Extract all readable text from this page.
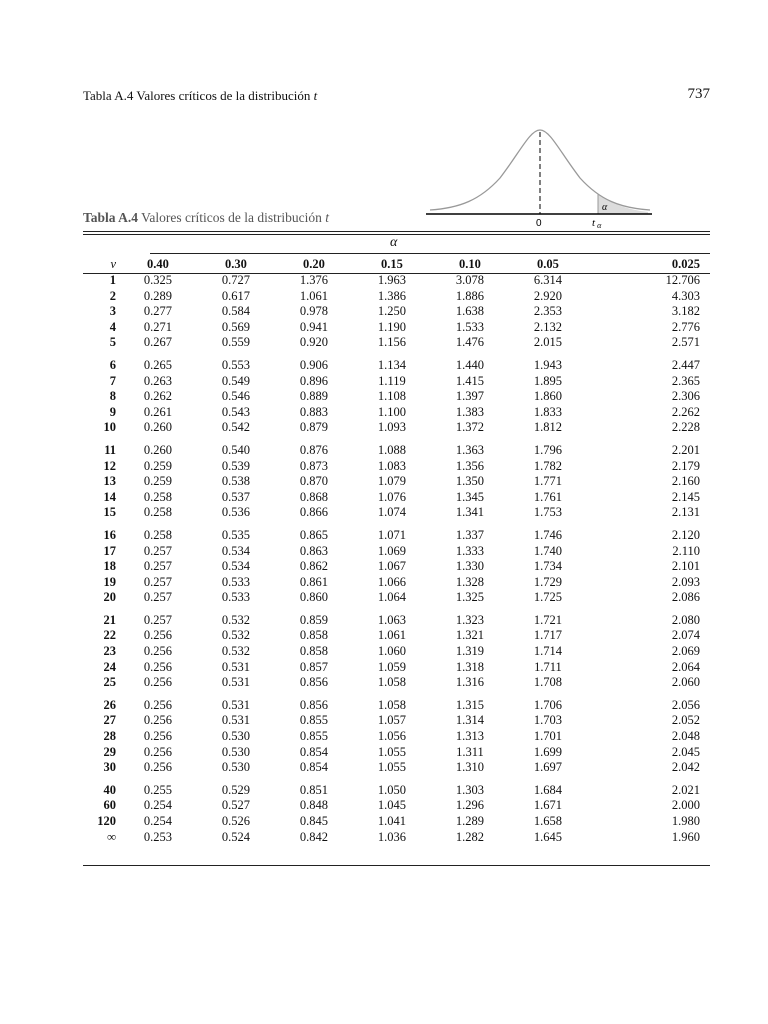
Tabla A.4 Valores críticos de la distribución t	737
α
0	t α
Tabla A.4 Valores críticos de la distribución t
α
v	0.40	0.30	0.20	0.15	0.10	0.05	0.025
1	0.325	0.727	1.376	1.963	3.078	6.314	12.706
2	0.289	0.617	1.061	1.386	1.886	2.920	4.303
3	0.277	0.584	0.978	1.250	1.638	2.353	3.182
4	0.271	0.569	0.941	1.190	1.533	2.132	2.776
5	0.267	0.559	0.920	1.156	1.476	2.015	2.571
6	0.265	0.553	0.906	1.134	1.440	1.943	2.447
7	0.263	0.549	0.896	1.119	1.415	1.895	2.365
8	0.262	0.546	0.889	1.108	1.397	1.860	2.306
9	0.261	0.543	0.883	1.100	1.383	1.833	2.262
10	0.260	0.542	0.879	1.093	1.372	1.812	2.228
11	0.260	0.540	0.876	1.088	1.363	1.796	2.201
12	0.259	0.539	0.873	1.083	1.356	1.782	2.179
13	0.259	0.538	0.870	1.079	1.350	1.771	2.160
14	0.258	0.537	0.868	1.076	1.345	1.761	2.145
15	0.258	0.536	0.866	1.074	1.341	1.753	2.131
16	0.258	0.535	0.865	1.071	1.337	1.746	2.120
17	0.257	0.534	0.863	1.069	1.333	1.740	2.110
18	0.257	0.534	0.862	1.067	1.330	1.734	2.101
19	0.257	0.533	0.861	1.066	1.328	1.729	2.093
20	0.257	0.533	0.860	1.064	1.325	1.725	2.086
21	0.257	0.532	0.859	1.063	1.323	1.721	2.080
22	0.256	0.532	0.858	1.061	1.321	1.717	2.074
23	0.256	0.532	0.858	1.060	1.319	1.714	2.069
24	0.256	0.531	0.857	1.059	1.318	1.711	2.064
25	0.256	0.531	0.856	1.058	1.316	1.708	2.060
26	0.256	0.531	0.856	1.058	1.315	1.706	2.056
27	0.256	0.531	0.855	1.057	1.314	1.703	2.052
28	0.256	0.530	0.855	1.056	1.313	1.701	2.048
29	0.256	0.530	0.854	1.055	1.311	1.699	2.045
30	0.256	0.530	0.854	1.055	1.310	1.697	2.042
40	0.255	0.529	0.851	1.050	1.303	1.684	2.021
60	0.254	0.527	0.848	1.045	1.296	1.671	2.000
120	0.254	0.526	0.845	1.041	1.289	1.658	1.980
∞	0.253	0.524	0.842	1.036	1.282	1.645	1.960
